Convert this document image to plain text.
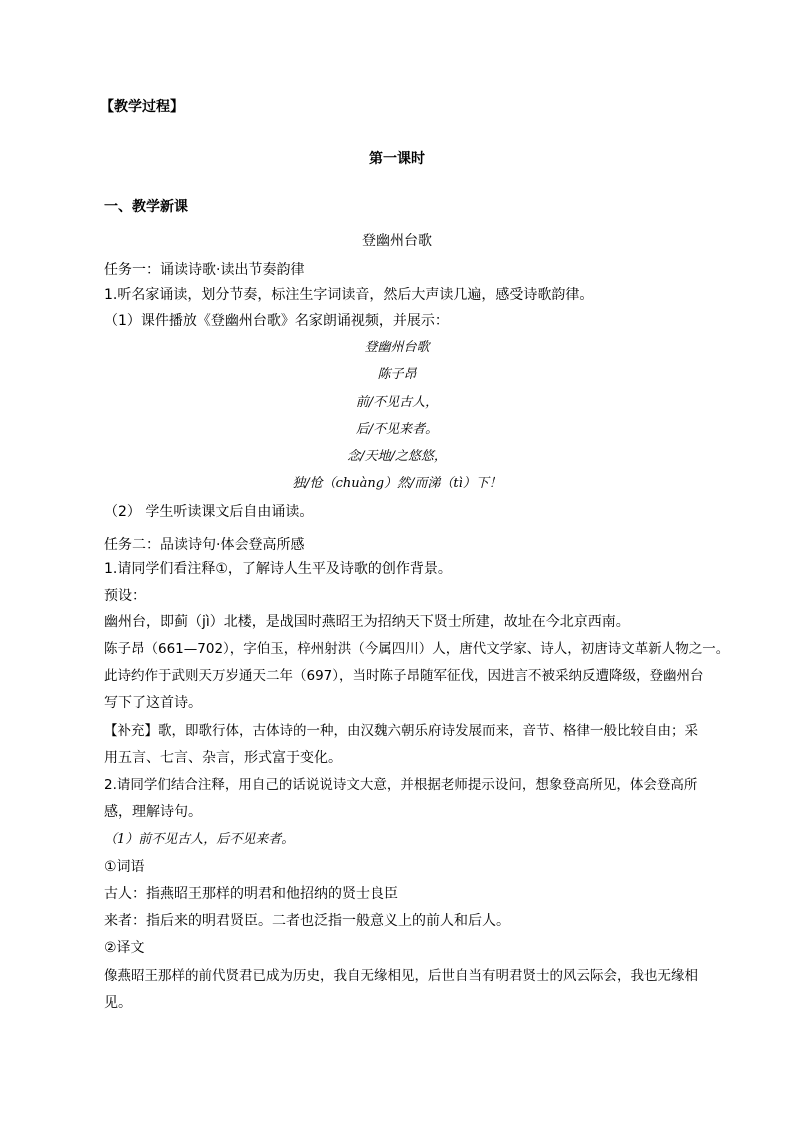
【教学过程】
第一课时
一、教学新课
登幽州台歌
任务一：诵读诗歌·读出节奏韵律
1.听名家诵读，划分节奏，标注生字词读音，然后大声读几遍，感受诗歌韵律。
（1）课件播放《登幽州台歌》名家朗诵视频，并展示：
登幽州台歌
陈子昂
前/不见古人，
后/不见来者。
念/天地/之悠悠，
独/怆（chuàng）然/而涕（tì）下！
（2） 学生听读课文后自由诵读。
任务二：品读诗句·体会登高所感
1.请同学们看注释①，了解诗人生平及诗歌的创作背景。
预设：
幽州台，即蓟（jì）北楼，是战国时燕昭王为招纳天下贤士所建，故址在今北京西南。
陈子昂（661—702），字伯玉，梓州射洪（今属四川）人，唐代文学家、诗人，初唐诗文革新人物之一。
此诗约作于武则天万岁通天二年（697），当时陈子昂随军征伐，因进言不被采纳反遭降级，登幽州台
写下了这首诗。
【补充】歌，即歌行体，古体诗的一种，由汉魏六朝乐府诗发展而来，音节、格律一般比较自由；采
用五言、七言、杂言，形式富于变化。
2.请同学们结合注释，用自己的话说说诗文大意，并根据老师提示设问，想象登高所见，体会登高所
感，理解诗句。
（1）前不见古人，后不见来者。
①词语
古人：指燕昭王那样的明君和他招纳的贤士良臣
来者：指后来的明君贤臣。二者也泛指一般意义上的前人和后人。
②译文
像燕昭王那样的前代贤君已成为历史，我自无缘相见，后世自当有明君贤士的风云际会，我也无缘相
见。
